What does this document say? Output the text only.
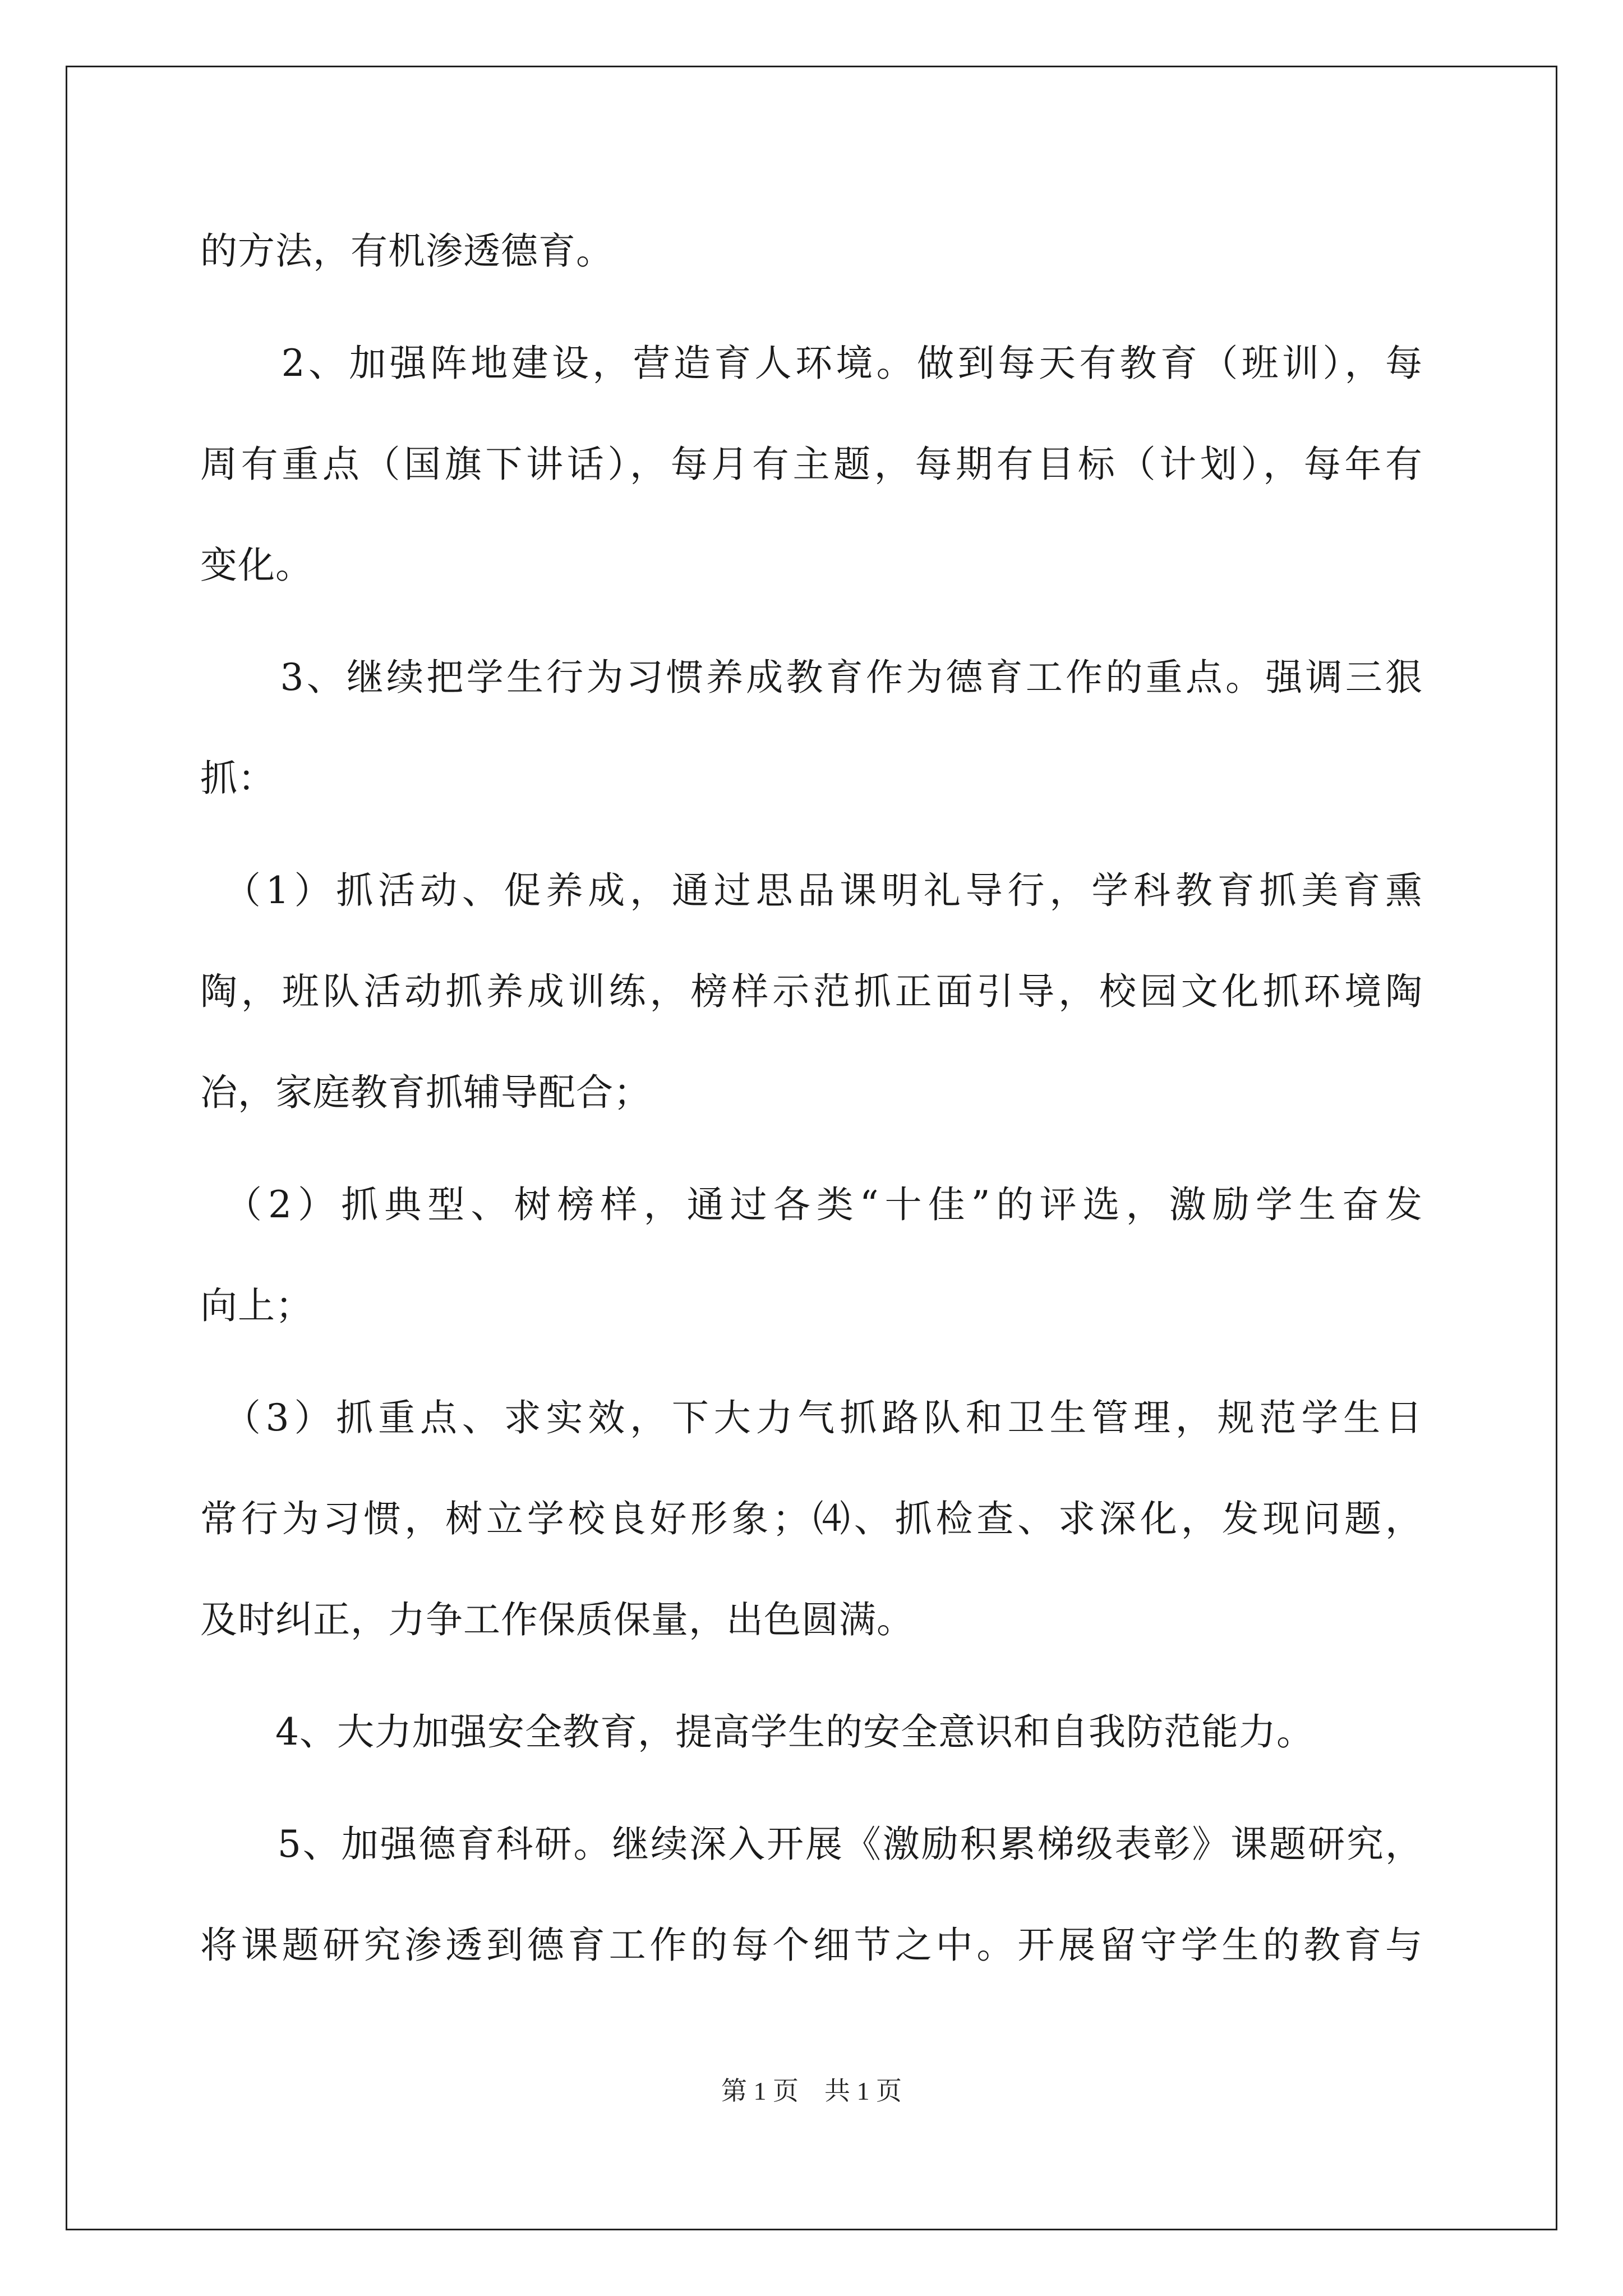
的方法，有机渗透德育。
　　2、加强阵地建设，营造育人环境。做到每天有教育（班训），每
周有重点（国旗下讲话），每月有主题，每期有目标（计划），每年有
变化。
　　3、继续把学生行为习惯养成教育作为德育工作的重点。强调三狠
抓：
　（1）抓活动、促养成，通过思品课明礼导行，学科教育抓美育熏
陶，班队活动抓养成训练，榜样示范抓正面引导，校园文化抓环境陶
冶，家庭教育抓辅导配合；
　（2）抓典型、树榜样，通过各类“十佳”的评选，激励学生奋发
向上；
　（3）抓重点、求实效，下大力气抓路队和卫生管理，规范学生日
常行为习惯，树立学校良好形象；⑷、抓检查、求深化，发现问题，
及时纠正，力争工作保质保量，出色圆满。
　　4、大力加强安全教育，提高学生的安全意识和自我防范能力。
　　5、加强德育科研。继续深入开展《激励积累梯级表彰》课题研究，
将课题研究渗透到德育工作的每个细节之中。开展留守学生的教育与
第 1 页　共 1 页
